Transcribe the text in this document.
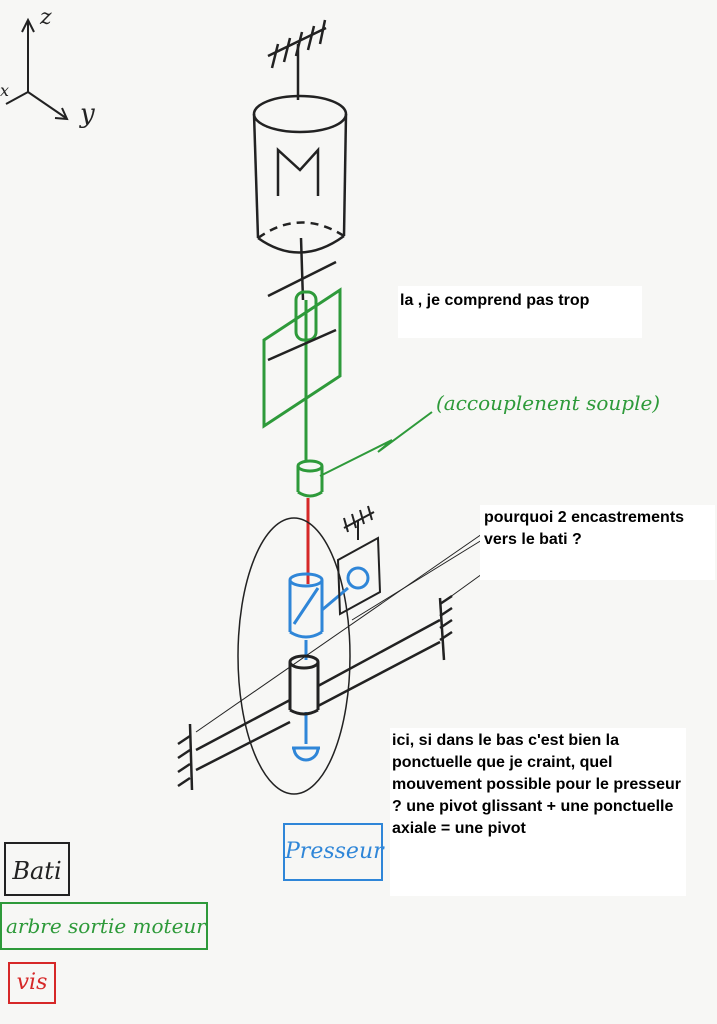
z
y
x
(accouplenent souple)
la , je comprend pas trop
pourquoi 2 encastrements vers le bati ?
ici, si dans le bas c'est bien la ponctuelle que je craint, quel mouvement possible pour le presseur ? une pivot glissant + une ponctuelle axiale = une pivot
Presseur
Bati
arbre sortie moteur
vis
